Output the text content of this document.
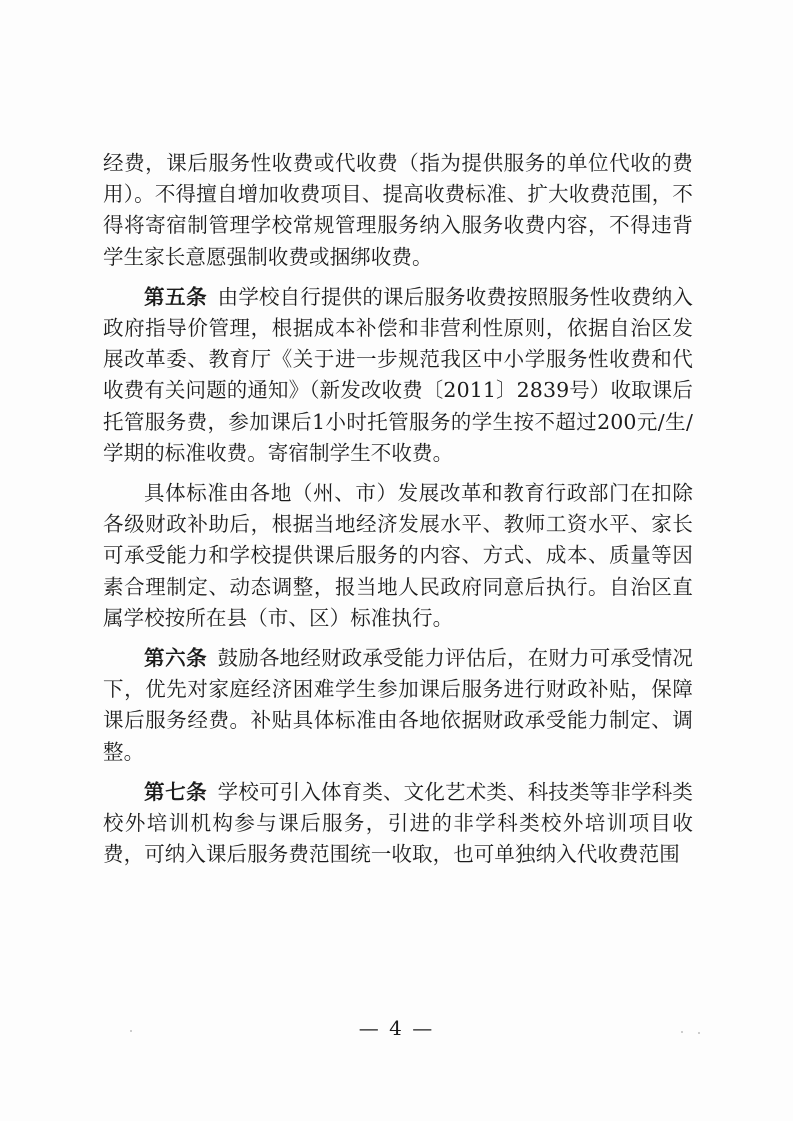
经费，课后服务性收费或代收费（指为提供服务的单位代收的费用）。不得擅自增加收费项目、提高收费标准、扩大收费范围，不得将寄宿制管理学校常规管理服务纳入服务收费内容，不得违背学生家长意愿强制收费或捆绑收费。

第五条  由学校自行提供的课后服务收费按照服务性收费纳入政府指导价管理，根据成本补偿和非营利性原则，依据自治区发展改革委、教育厅《关于进一步规范我区中小学服务性收费和代收费有关问题的通知》（新发改收费〔2011〕2839号）收取课后托管服务费，参加课后1小时托管服务的学生按不超过200元/生/学期的标准收费。寄宿制学生不收费。

具体标准由各地（州、市）发展改革和教育行政部门在扣除各级财政补助后，根据当地经济发展水平、教师工资水平、家长可承受能力和学校提供课后服务的内容、方式、成本、质量等因素合理制定、动态调整，报当地人民政府同意后执行。自治区直属学校按所在县（市、区）标准执行。

第六条  鼓励各地经财政承受能力评估后，在财力可承受情况下，优先对家庭经济困难学生参加课后服务进行财政补贴，保障课后服务经费。补贴具体标准由各地依据财政承受能力制定、调整。

第七条  学校可引入体育类、文化艺术类、科技类等非学科类校外培训机构参与课后服务，引进的非学科类校外培训项目收费，可纳入课后服务费范围统一收取，也可单独纳入代收费范围

— 4 —
